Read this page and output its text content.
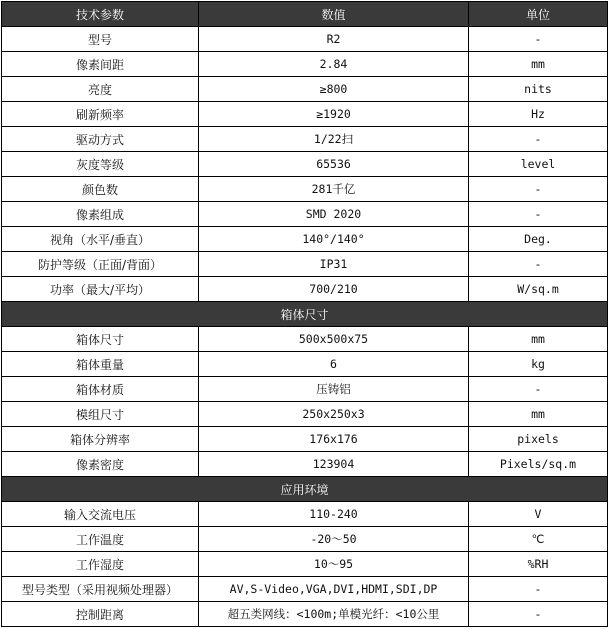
技术参数	数值	单位
型号	R2	-
像素间距	2.84	mm
亮度	≥800	nits
刷新频率	≥1920	Hz
驱动方式	1/22扫	-
灰度等级	65536	level
颜色数	281千亿	-
像素组成	SMD 2020	-
视角（水平/垂直）	140°/140°	Deg.
防护等级（正面/背面）	IP31	-
功率（最大/平均）	700/210	W/sq.m
箱体尺寸		
箱体尺寸	500x500x75	mm
箱体重量	6	kg
箱体材质	压铸铝	-
模组尺寸	250x250x3	mm
箱体分辨率	176x176	pixels
像素密度	123904	Pixels/sq.m
应用环境		
输入交流电压	110-240	V
工作温度	-20～50	℃
工作湿度	10～95	%RH
型号类型（采用视频处理器）	AV,S-Video,VGA,DVI,HDMI,SDI,DP	-
控制距离	超五类网线：<100m;单模光纤：<10公里	-
